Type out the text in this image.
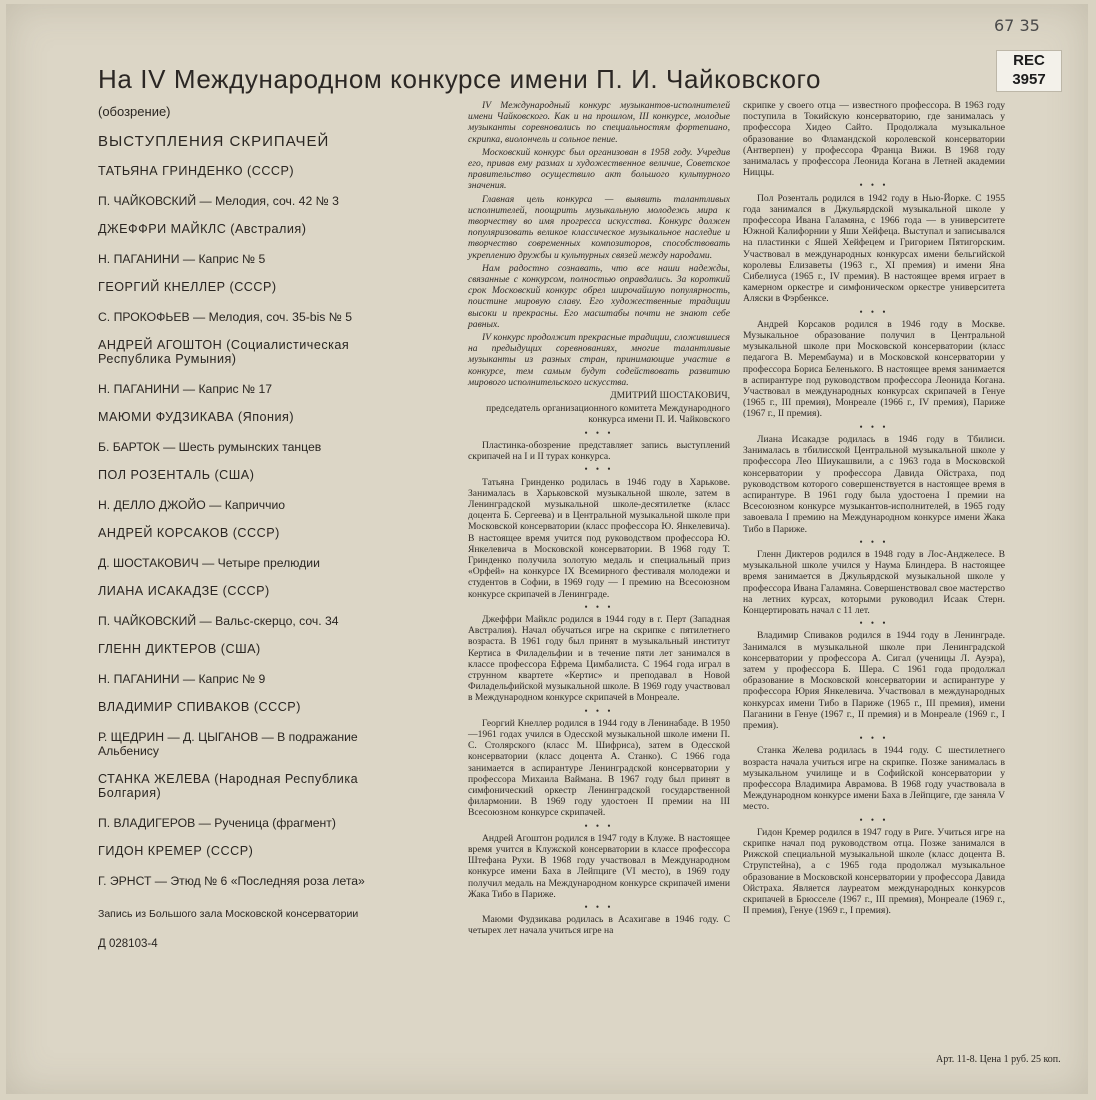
На IV Международном конкурсе имени П. И. Чайковского
67 35
REC
3957
(обозрение)
ВЫСТУПЛЕНИЯ СКРИПАЧЕЙ
ТАТЬЯНА ГРИНДЕНКО (СССР)
П. ЧАЙКОВСКИЙ — Мелодия, соч. 42 № 3
ДЖЕФФРИ МАЙКЛС (Австралия)
Н. ПАГАНИНИ — Каприс № 5
ГЕОРГИЙ КНЕЛЛЕР (СССР)
С. ПРОКОФЬЕВ — Мелодия, соч. 35-bis № 5
АНДРЕЙ АГОШТОН (Социалистическая Республика Румыния)
Н. ПАГАНИНИ — Каприс № 17
МАЮМИ ФУДЗИКАВА (Япония)
Б. БАРТОК — Шесть румынских танцев
ПОЛ РОЗЕНТАЛЬ (США)
Н. ДЕЛЛО ДЖОЙО — Каприччио
АНДРЕЙ КОРСАКОВ (СССР)
Д. ШОСТАКОВИЧ — Четыре прелюдии
ЛИАНА ИСАКАДЗЕ (СССР)
П. ЧАЙКОВСКИЙ — Вальс-скерцо, соч. 34
ГЛЕНН ДИКТЕРОВ (США)
Н. ПАГАНИНИ — Каприс № 9
ВЛАДИМИР СПИВАКОВ (СССР)
Р. ЩЕДРИН — Д. ЦЫГАНОВ — В подражание Альбенису
СТАНКА ЖЕЛЕВА (Народная Республика Болгария)
П. ВЛАДИГЕРОВ — Рученица (фрагмент)
ГИДОН КРЕМЕР (СССР)
Г. ЭРНСТ — Этюд № 6 «Последняя роза лета»
Запись из Большого зала Московской консерватории
Д 028103-4

IV Международный конкурс музыкантов-исполнителей имени Чайковского. Как и на прошлом, III конкурсе, молодые музыканты соревновались по специальностям фортепиано, скрипка, виолончель и сольное пение.

Московский конкурс был организован в 1958 году. Учредив его, привав ему размах и художественное величие, Советское правительство осуществило акт большого культурного значения.

Главная цель конкурса — выявить талантливых исполнителей, поощрить музыкальную молодежь мира к творчеству во имя прогресса искусства. Конкурс должен популяризовать великое классическое музыкальное наследие и творчество современных композиторов, способствовать укреплению дружбы и культурных связей между народами.

Нам радостно сознавать, что все наши надежды, связанные с конкурсом, полностью оправдались. За короткий срок Московский конкурс обрел широчайшую популярность, поистине мировую славу. Его художественные традиции высоки и прекрасны. Его масштабы почти не знают себе равных.

IV конкурс продолжит прекрасные традиции, сложившиеся на предыдущих соревнованиях, многие талантливые музыканты из разных стран, принимающие участие в конкурсе, тем самым будут содействовать развитию мирового исполнительского искусства.

ДМИТРИЙ ШОСТАКОВИЧ,

председатель организационного комитета Международного конкурса имени П. И. Чайковского

• • •

Пластинка-обозрение представляет запись выступлений скрипачей на I и II турах конкурса.

• • •

Татьяна Гринденко родилась в 1946 году в Харькове. Занималась в Харьковской музыкальной школе, затем в Ленинградской музыкальной школе-десятилетке (класс доцента Б. Сергеева) и в Центральной музыкальной школе при Московской консерватории (класс профессора Ю. Янкелевича). В настоящее время учится под руководством профессора Ю. Янкелевича в Московской консерватории. В 1968 году Т. Гринденко получила золотую медаль и специальный приз «Орфей» на конкурсе IX Всемирного фестиваля молодежи и студентов в Софии, в 1969 году — I премию на Всесоюзном конкурсе скрипачей в Ленинграде.

• • •

Джеффри Майклс родился в 1944 году в г. Перт (Западная Австралия). Начал обучаться игре на скрипке с пятилетнего возраста. В 1961 году был принят в музыкальный институт Кертиса в Филадельфии и в течение пяти лет занимался в классе профессора Ефрема Цимбалиста. С 1964 года играл в струнном квартете «Кертис» и преподавал в Новой Филадельфийской музыкальной школе. В 1969 году участвовал в Международном конкурсе скрипачей в Монреале.

• • •

Георгий Кнеллер родился в 1944 году в Ленинабаде. В 1950—1961 годах учился в Одесской музыкальной школе имени П. С. Столярского (класс М. Шифриса), затем в Одесской консерватории (класс доцента А. Станко). С 1966 года занимается в аспирантуре Ленинградской консерватории у профессора Михаила Ваймана. В 1967 году был принят в симфонический оркестр Ленинградской государственной филармонии. В 1969 году удостоен II премии на III Всесоюзном конкурсе скрипачей.

• • •

Андрей Агоштон родился в 1947 году в Клуже. В настоящее время учится в Клужской консерватории в классе профессора Штефана Рухи. В 1968 году участвовал в Международном конкурсе имени Баха в Лейпциге (VI место), в 1969 году получил медаль на Международном конкурсе скрипачей имени Жака Тибо в Париже.

• • •

Маюми Фудзикава родилась в Асахигаве в 1946 году. С четырех лет начала учиться игре на

скрипке у своего отца — известного профессора. В 1963 году поступила в Токийскую консерваторию, где занималась у профессора Хидео Сайто. Продолжала музыкальное образование во Фламандской королевской консерватории (Антверпен) у профессора Франца Вижи. В 1968 году занималась у профессора Леонида Когана в Летней академии Ниццы.

• • •

Пол Розенталь родился в 1942 году в Нью-Йорке. С 1955 года занимался в Джульярдской музыкальной школе у профессора Ивана Галамяна, с 1966 года — в университете Южной Калифорнии у Яши Хейфеца. Выступал и записывался на пластинки с Яшей Хейфецем и Григорием Пятигорским. Участвовал в международных конкурсах имени бельгийской королевы Елизаветы (1963 г., XI премия) и имени Яна Сибелиуса (1965 г., IV премия). В настоящее время играет в камерном оркестре и симфоническом оркестре университета Аляски в Фэрбенксе.

• • •

Андрей Корсаков родился в 1946 году в Москве. Музыкальное образование получил в Центральной музыкальной школе при Московской консерватории (класс педагога В. Мерембаума) и в Московской консерватории у профессора Бориса Беленького. В настоящее время занимается в аспирантуре под руководством профессора Леонида Когана. Участвовал в международных конкурсах скрипачей в Генуе (1965 г., III премия), Монреале (1966 г., IV премия), Париже (1967 г., II премия).

• • •

Лиана Исакадзе родилась в 1946 году в Тбилиси. Занималась в тбилисской Центральной музыкальной школе у профессора Лео Шиукашвили, а с 1963 года в Московской консерватории у профессора Давида Ойстраха, под руководством которого совершенствуется в настоящее время в аспирантуре. В 1961 году была удостоена I премии на Всесоюзном конкурсе музыкантов-исполнителей, в 1965 году завоевала I премию на Международном конкурсе имени Жака Тибо в Париже.

• • •

Гленн Диктеров родился в 1948 году в Лос-Анджелесе. В музыкальной школе учился у Наума Блиндера. В настоящее время занимается в Джульярдской музыкальной школе у профессора Ивана Галамяна. Совершенствовал свое мастерство на летних курсах, которыми руководил Исаак Стерн. Концертировать начал с 11 лет.

• • •

Владимир Спиваков родился в 1944 году в Ленинграде. Занимался в музыкальной школе при Ленинградской консерватории у профессора А. Сигал (ученицы Л. Ауэра), затем у профессора Б. Шера. С 1961 года продолжал образование в Московской консерватории и аспирантуре у профессора Юрия Янкелевича. Участвовал в международных конкурсах имени Тибо в Париже (1965 г., III премия), имени Паганини в Генуе (1967 г., II премия) и в Монреале (1969 г., I премия).

• • •

Станка Желева родилась в 1944 году. С шестилетнего возраста начала учиться игре на скрипке. Позже занималась в музыкальном училище и в Софийской консерватории у профессора Владимира Аврамова. В 1968 году участвовала в Международном конкурсе имени Баха в Лейпциге, где заняла V место.

• • •

Гидон Кремер родился в 1947 году в Риге. Учиться игре на скрипке начал под руководством отца. Позже занимался в Рижской специальной музыкальной школе (класс доцента В. Струпстейна), а с 1965 года продолжал музыкальное образование в Московской консерватории у профессора Давида Ойстраха. Является лауреатом международных конкурсов скрипачей в Брюсселе (1967 г., III премия), Монреале (1969 г., II премия), Генуе (1969 г., I премия).

Арт. 11-8. Цена 1 руб. 25 коп.
